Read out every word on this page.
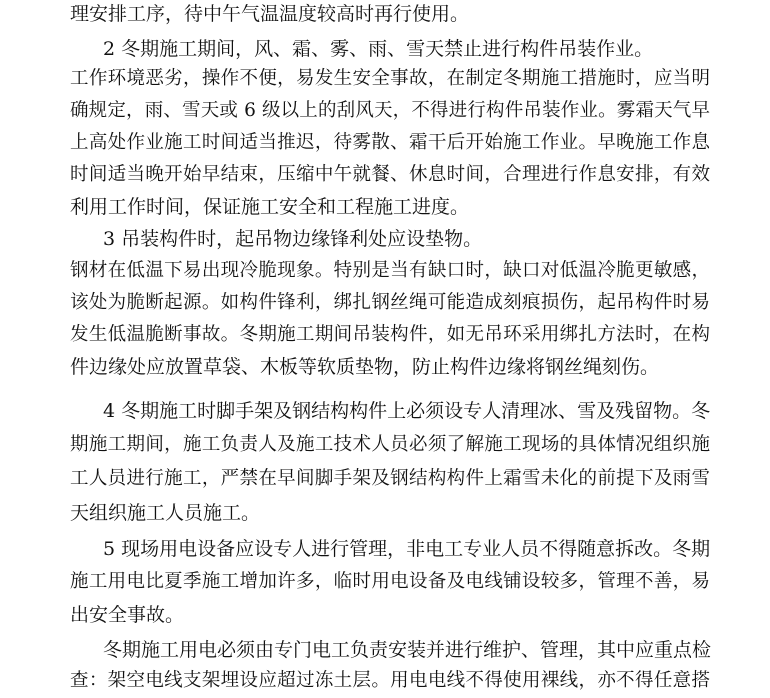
理安排工序，待中午气温温度较高时再行使用。
2 冬期施工期间，风、霜、雾、雨、雪天禁止进行构件吊装作业。
工作环境恶劣，操作不便，易发生安全事故，在制定冬期施工措施时，应当明
确规定，雨、雪天或 6 级以上的刮风天，不得进行构件吊装作业。雾霜天气早
上高处作业施工时间适当推迟，待雾散、霜干后开始施工作业。早晚施工作息
时间适当晚开始早结束，压缩中午就餐、休息时间，合理进行作息安排，有效
利用工作时间，保证施工安全和工程施工进度。
3 吊装构件时，起吊物边缘锋利处应设垫物。
钢材在低温下易出现冷脆现象。特别是当有缺口时，缺口对低温冷脆更敏感，
该处为脆断起源。如构件锋利，绑扎钢丝绳可能造成刻痕损伤，起吊构件时易
发生低温脆断事故。冬期施工期间吊装构件，如无吊环采用绑扎方法时，在构
件边缘处应放置草袋、木板等软质垫物，防止构件边缘将钢丝绳刻伤。
4 冬期施工时脚手架及钢结构构件上必须设专人清理冰、雪及残留物。冬
期施工期间，施工负责人及施工技术人员必须了解施工现场的具体情况组织施
工人员进行施工，严禁在早间脚手架及钢结构构件上霜雪未化的前提下及雨雪
天组织施工人员施工。
5 现场用电设备应设专人进行管理，非电工专业人员不得随意拆改。冬期
施工用电比夏季施工增加许多，临时用电设备及电线铺设较多，管理不善，易
出安全事故。
冬期施工用电必须由专门电工负责安装并进行维护、管理，其中应重点检
查：架空电线支架埋设应超过冻土层。用电电线不得使用裸线，亦不得任意搭
